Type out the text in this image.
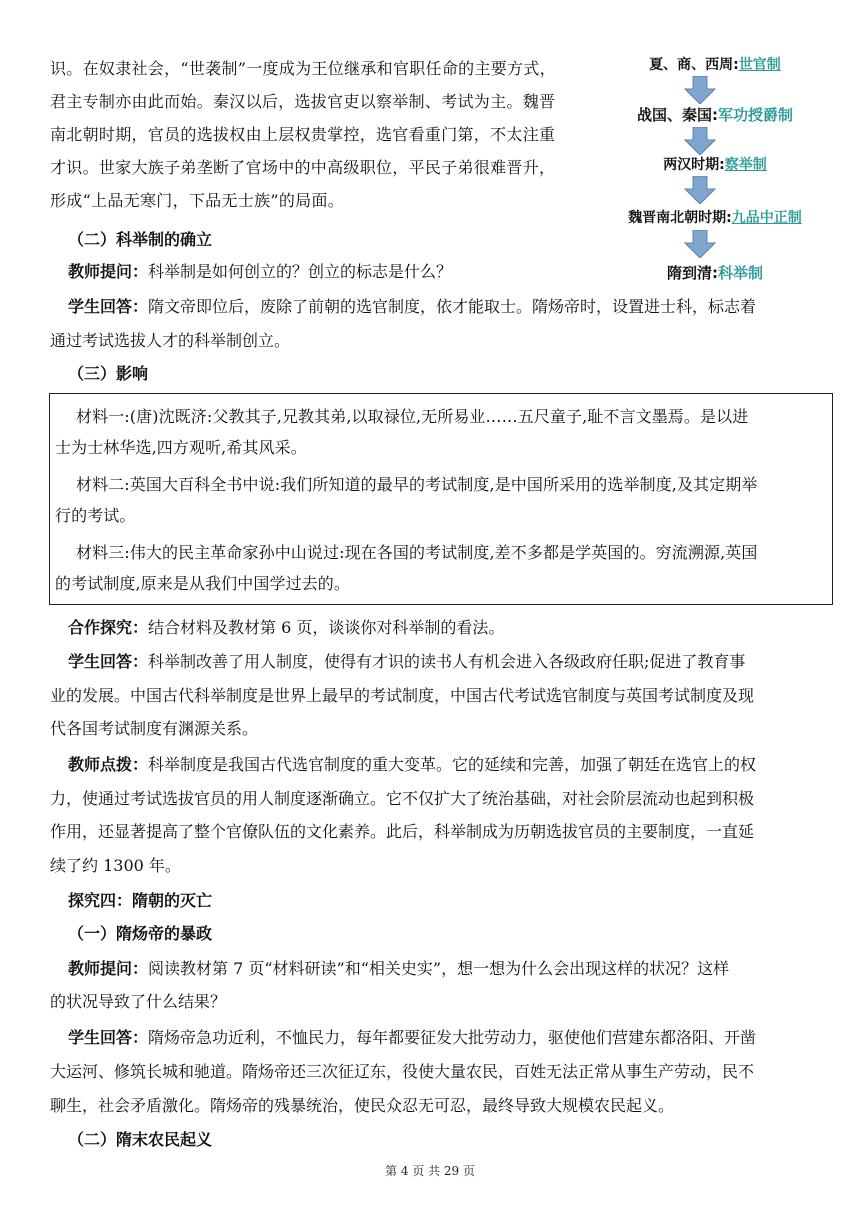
识。在奴隶社会，“世袭制”一度成为王位继承和官职任命的主要方式，
君主专制亦由此而始。秦汉以后，选拔官吏以察举制、考试为主。魏晋
南北朝时期，官员的选拔权由上层权贵掌控，选官看重门第，不太注重
才识。世家大族子弟垄断了官场中的中高级职位，平民子弟很难晋升，
形成“上品无寒门，下品无士族”的局面。
夏、商、西周:世官制
战国、秦国:军功授爵制
两汉时期:察举制
魏晋南北朝时期:九品中正制
隋到清:科举制
（二）科举制的确立
教师提问：科举制是如何创立的？创立的标志是什么？
学生回答：隋文帝即位后，废除了前朝的选官制度，依才能取士。隋炀帝时，设置进士科，标志着
通过考试选拔人才的科举制创立。
（三）影响
材料一:(唐)沈既济:父教其子,兄教其弟,以取禄位,无所易业……五尺童子,耻不言文墨焉。是以进
士为士林华选,四方观听,希其风采。
材料二:英国大百科全书中说:我们所知道的最早的考试制度,是中国所采用的选举制度,及其定期举
行的考试。
材料三:伟大的民主革命家孙中山说过:现在各国的考试制度,差不多都是学英国的。穷流溯源,英国
的考试制度,原来是从我们中国学过去的。
合作探究：结合材料及教材第 6 页，谈谈你对科举制的看法。
学生回答：科举制改善了用人制度，使得有才识的读书人有机会进入各级政府任职;促进了教育事
业的发展。中国古代科举制度是世界上最早的考试制度，中国古代考试选官制度与英国考试制度及现
代各国考试制度有渊源关系。
教师点拨：科举制度是我国古代选官制度的重大变革。它的延续和完善，加强了朝廷在选官上的权
力，使通过考试选拔官员的用人制度逐渐确立。它不仅扩大了统治基础，对社会阶层流动也起到积极
作用，还显著提高了整个官僚队伍的文化素养。此后，科举制成为历朝选拔官员的主要制度，一直延
续了约 1300 年。
探究四：隋朝的灭亡
（一）隋炀帝的暴政
教师提问：阅读教材第 7 页“材料研读”和“相关史实”，想一想为什么会出现这样的状况？这样
的状况导致了什么结果？
学生回答：隋炀帝急功近利，不恤民力，每年都要征发大批劳动力，驱使他们营建东都洛阳、开凿
大运河、修筑长城和驰道。隋炀帝还三次征辽东，役使大量农民，百姓无法正常从事生产劳动，民不
聊生，社会矛盾激化。隋炀帝的残暴统治，使民众忍无可忍，最终导致大规模农民起义。
（二）隋末农民起义
第 4 页 共 29 页
